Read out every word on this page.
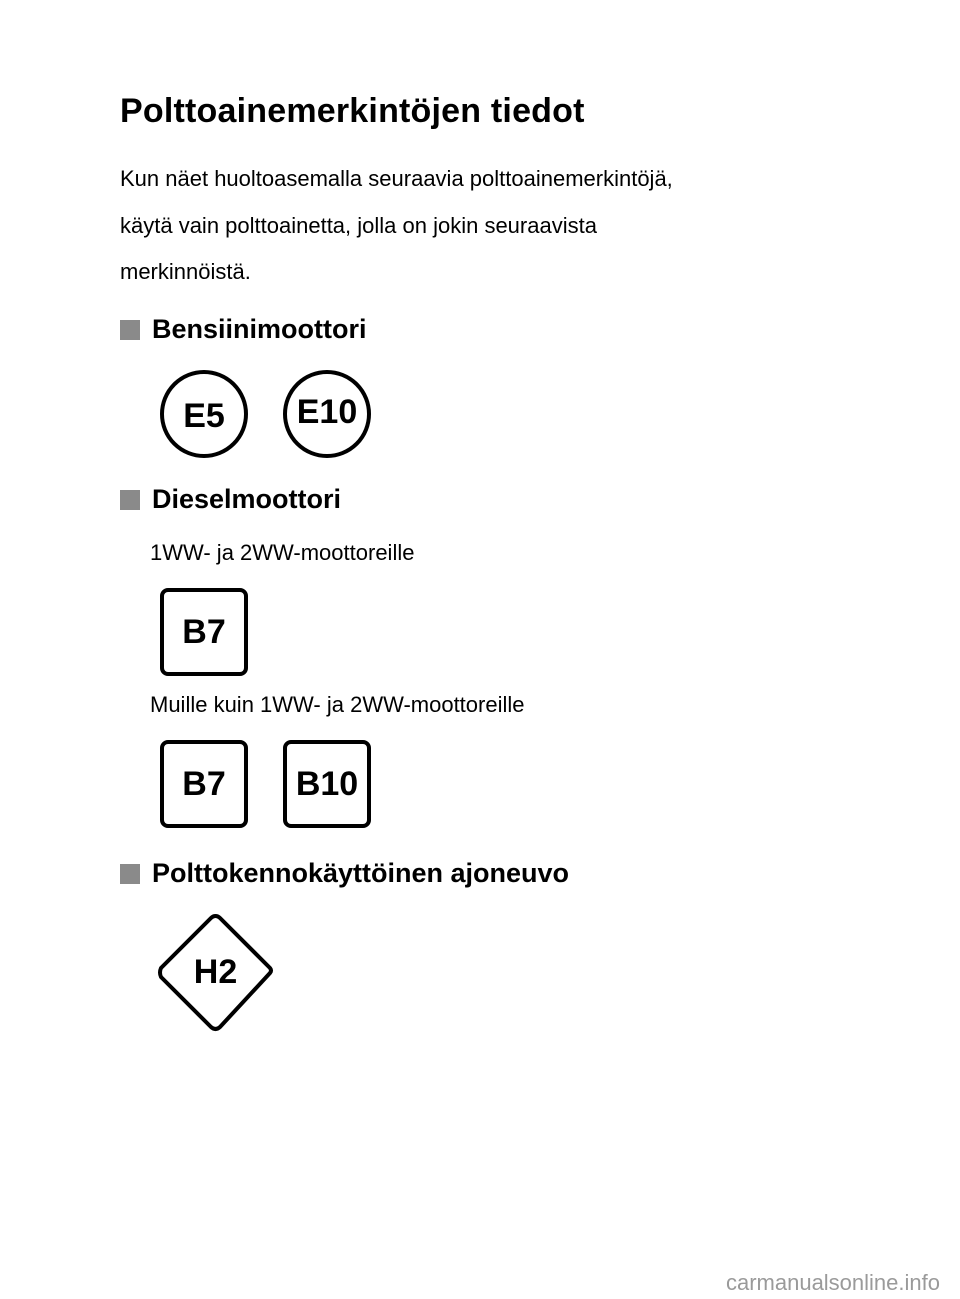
Polttoainemerkintöjen tiedot
Kun näet huoltoasemalla seuraavia polttoainemerkintöjä,
käytä vain polttoainetta, jolla on jokin seuraavista
merkinnöistä.
Bensiinimoottori
E5 E10
Dieselmoottori
1WW- ja 2WW-moottoreille
B7
Muille kuin 1WW- ja 2WW-moottoreille
B7 B10
Polttokennokäyttöinen ajoneuvo
H2
carmanualsonline.info
